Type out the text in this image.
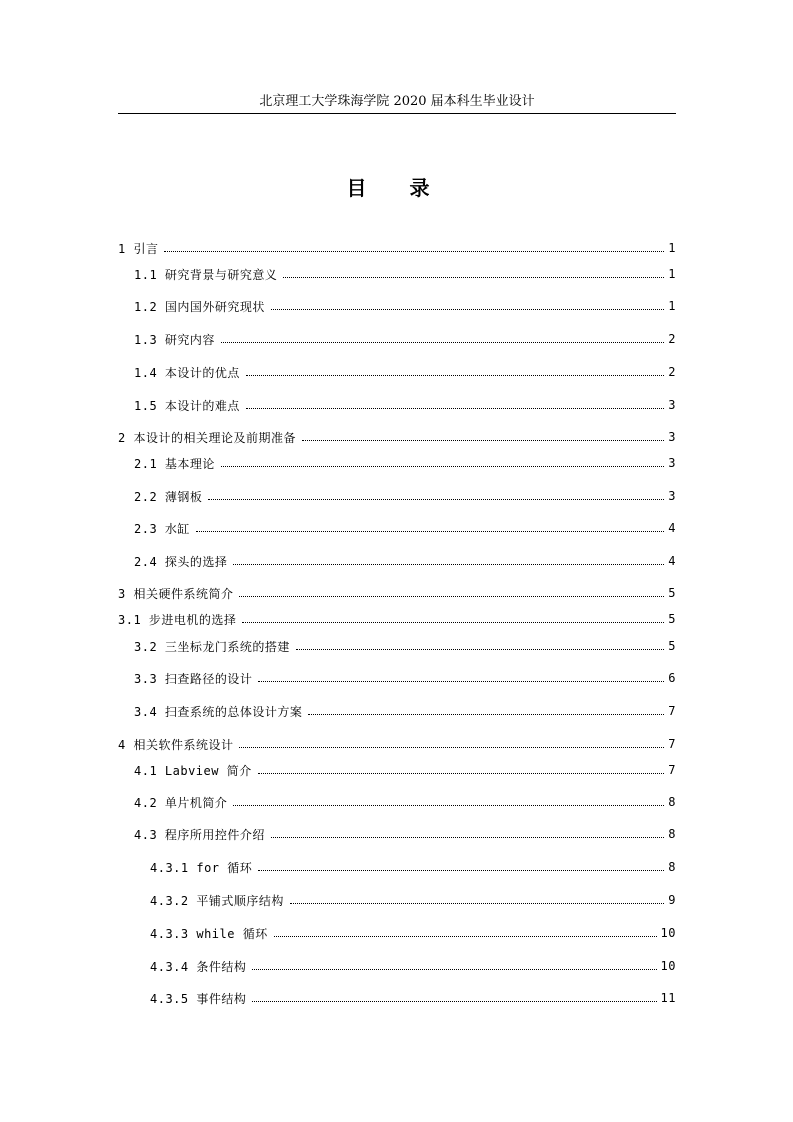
北京理工大学珠海学院 2020 届本科生毕业设计
目 录
1 引言	1
1.1 研究背景与研究意义	1
1.2 国内国外研究现状	1
1.3 研究内容	2
1.4 本设计的优点	2
1.5 本设计的难点	3
2 本设计的相关理论及前期准备	3
2.1 基本理论	3
2.2 薄钢板	3
2.3 水缸	4
2.4 探头的选择	4
3 相关硬件系统简介	5
3.1 步进电机的选择	5
3.2 三坐标龙门系统的搭建	5
3.3 扫查路径的设计	6
3.4 扫查系统的总体设计方案	7
4 相关软件系统设计	7
4.1 Labview 简介	7
4.2 单片机简介	8
4.3 程序所用控件介绍	8
4.3.1 for 循环	8
4.3.2 平铺式顺序结构	9
4.3.3 while 循环	10
4.3.4 条件结构	10
4.3.5 事件结构	11
